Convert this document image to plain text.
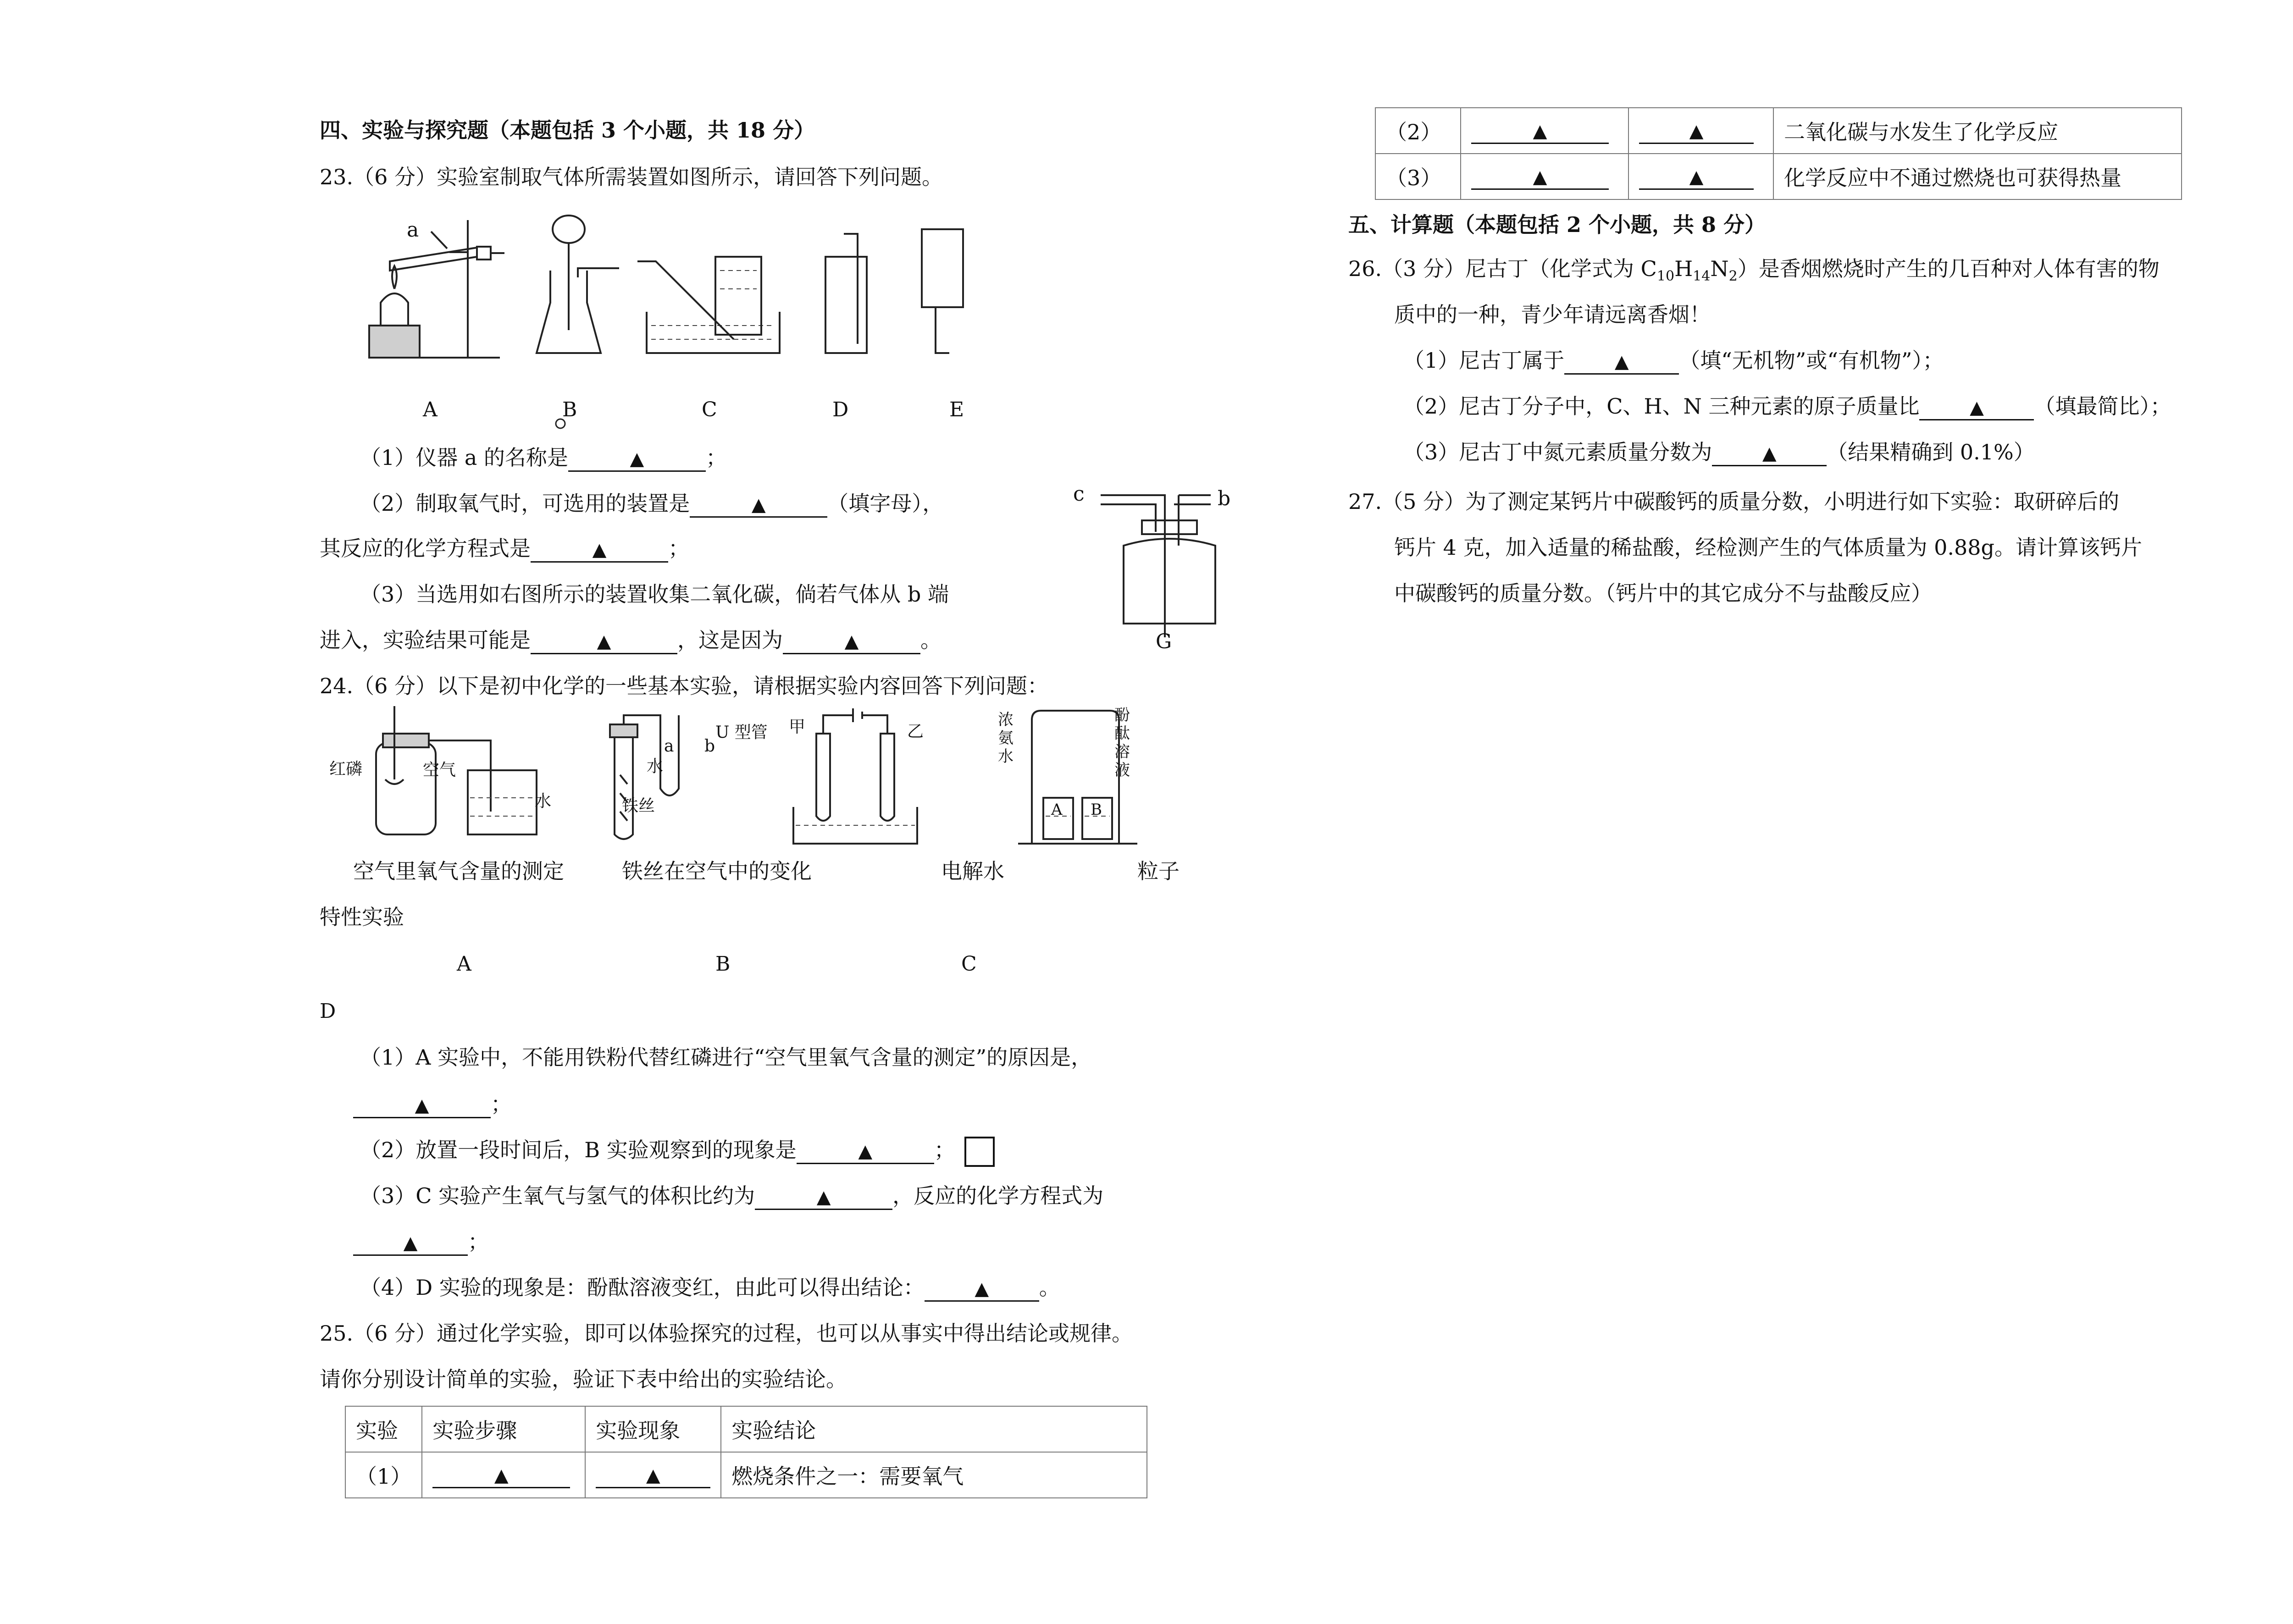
四、实验与探究题（本题包括 3 个小题，共 18 分）
23.（6 分）实验室制取气体所需装置如图所示，请回答下列问题。
a
A	B	C	D	E
（1）仪器 a 的名称是	▲	；
（2）制取氧气时，可选用的装置是	▲	（填字母），
其反应的化学方程式是	▲	；
（3）当选用如右图所示的装置收集二氧化碳，倘若气体从 b 端
进入，实验结果可能是	▲	，这是因为	▲	。
c	b
G
24.（6 分）以下是初中化学的一些基本实验，请根据实验内容回答下列问题：
红磷	空气
水
a b
U 型管
水
铁丝
甲	乙
浓氨水
酚酞溶液
A B
空气里氧气含量的测定	铁丝在空气中的变化	电解水	粒子
特性实验
A	B	C
D
（1）A 实验中，不能用铁粉代替红磷进行“空气里氧气含量的测定”的原因是，
▲	；
（2）放置一段时间后，B 实验观察到的现象是	▲	；
（3）C 实验产生氧气与氢气的体积比约为	▲	，反应的化学方程式为
▲ ；
（4）D 实验的现象是：酚酞溶液变红，由此可以得出结论：	▲ 。
25.（6 分）通过化学实验，即可以体验探究的过程，也可以从事实中得出结论或规律。
请你分别设计简单的实验，验证下表中给出的实验结论。
实验	实验步骤	实验现象	实验结论
（1）	▲	▲	燃烧条件之一：需要氧气
（2）	▲	▲	二氧化碳与水发生了化学反应
（3）	▲	▲	化学反应中不通过燃烧也可获得热量
五、计算题（本题包括 2 个小题，共 8 分）
26.（3 分）尼古丁（化学式为 $C_{10}H_{14}N_2$）是香烟燃烧时产生的几百种对人体有害的物
质中的一种，青少年请远离香烟！
（1）尼古丁属于	▲ （填“无机物”或“有机物”）；
（2）尼古丁分子中，C、H、N 三种元素的原子质量比	▲ （填最简比）；
（3）尼古丁中氮元素质量分数为	▲ （结果精确到 0.1%）
27.（5 分）为了测定某钙片中碳酸钙的质量分数，小明进行如下实验：取研碎后的
钙片 4 克，加入适量的稀盐酸，经检测产生的气体质量为 0.88g。请计算该钙片
中碳酸钙的质量分数。（钙片中的其它成分不与盐酸反应）
